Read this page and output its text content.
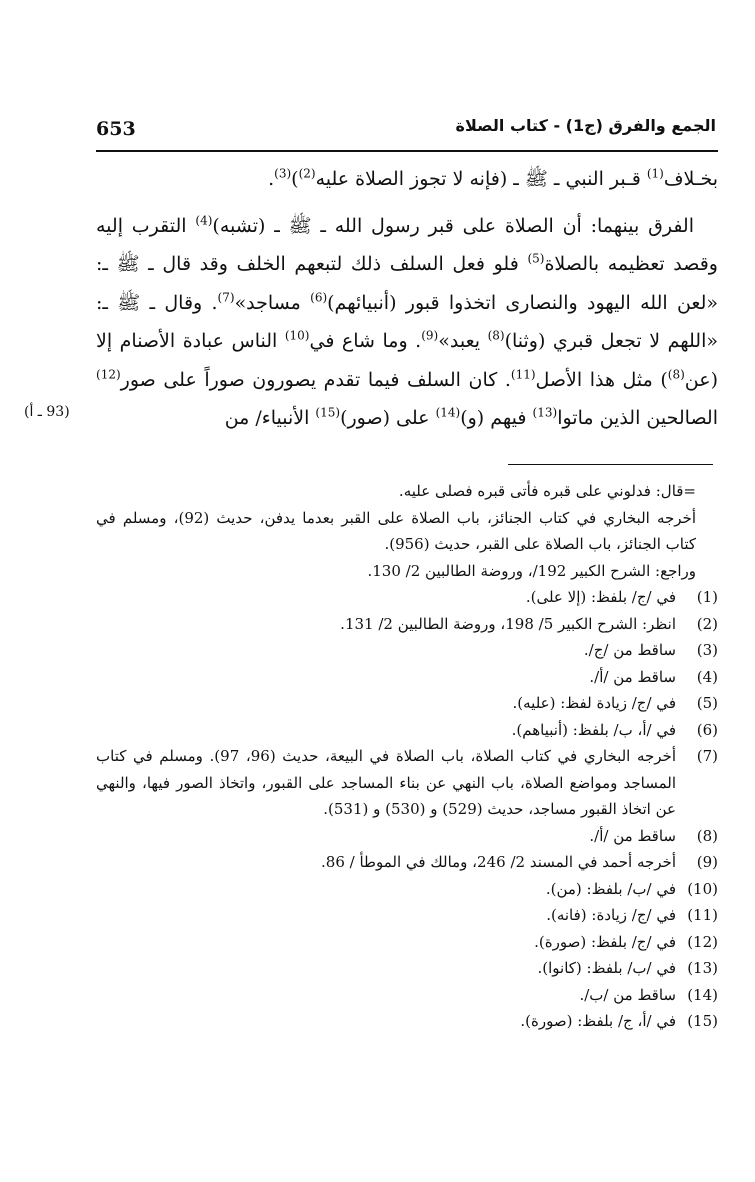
653	الجمع والفرق (ج1) - كتاب الصلاة

بخـلاف$^{(1)}$ قـبر النبي ـ ﷺ ـ (فإنه لا تجوز الصلاة عليه$^{(2)}$)$^{(3)}$.

الفرق بينهما: أن الصلاة على قبر رسول الله ـ ﷺ ـ (تشبه)$^{(4)}$ التقرب إليه وقصد تعظيمه بالصلاة$^{(5)}$ فلو فعل السلف ذلك لتبعهم الخلف وقد قال ـ ﷺ ـ: «لعن الله اليهود والنصارى اتخذوا قبور (أنبيائهم)$^{(6)}$ مساجد»$^{(7)}$. وقال ـ ﷺ ـ: «اللهم لا تجعل قبري (وثنا)$^{(8)}$ يعبد»$^{(9)}$. وما شاع في$^{(10)}$ الناس عبادة الأصنام إلا (عن$^{(8)}$) مثل هذا الأصل$^{(11)}$. كان السلف فيما تقدم يصورون صوراً على صور$^{(12)}$ الصالحين الذين ماتوا$^{(13)}$ فيهم (و)$^{(14)}$ على (صور)$^{(15)}$ الأنبياء/ من

(93 ـ أ)

=قال: فدلوني على قبره فأتى قبره فصلى عليه.

أخرجه البخاري في كتاب الجنائز، باب الصلاة على القبر بعدما يدفن، حديث (92)، ومسلم في كتاب الجنائز، باب الصلاة على القبر، حديث (956).

وراجع: الشرح الكبير 192/، وروضة الطالبين 2/ 130.

(1)
في /ج/ بلفظ: (إلا على).

(2)
انظر: الشرح الكبير 5/ 198، وروضة الطالبين 2/ 131.

(3)
ساقط من /ج/.

(4)
ساقط من /أ/.

(5)
في /ج/ زيادة لفظ: (عليه).

(6)
في /أ، ب/ بلفظ: (أنبياهم).

(7)
أخرجه البخاري في كتاب الصلاة، باب الصلاة في البيعة، حديث (96، 97). ومسلم في كتاب المساجد ومواضع الصلاة، باب النهي عن بناء المساجد على القبور، واتخاذ الصور فيها، والنهي عن اتخاذ القبور مساجد، حديث (529) و (530) و (531).

(8)
ساقط من /أ/.

(9)
أخرجه أحمد في المسند 2/ 246، ومالك في الموطأ / 86.

(10)
في /ب/ بلفظ: (من).

(11)
في /ج/ زيادة: (فانه).

(12)
في /ج/ بلفظ: (صورة).

(13)
في /ب/ بلفظ: (كانوا).

(14)
ساقط من /ب/.

(15)
في /أ، ج/ بلفظ: (صورة).
